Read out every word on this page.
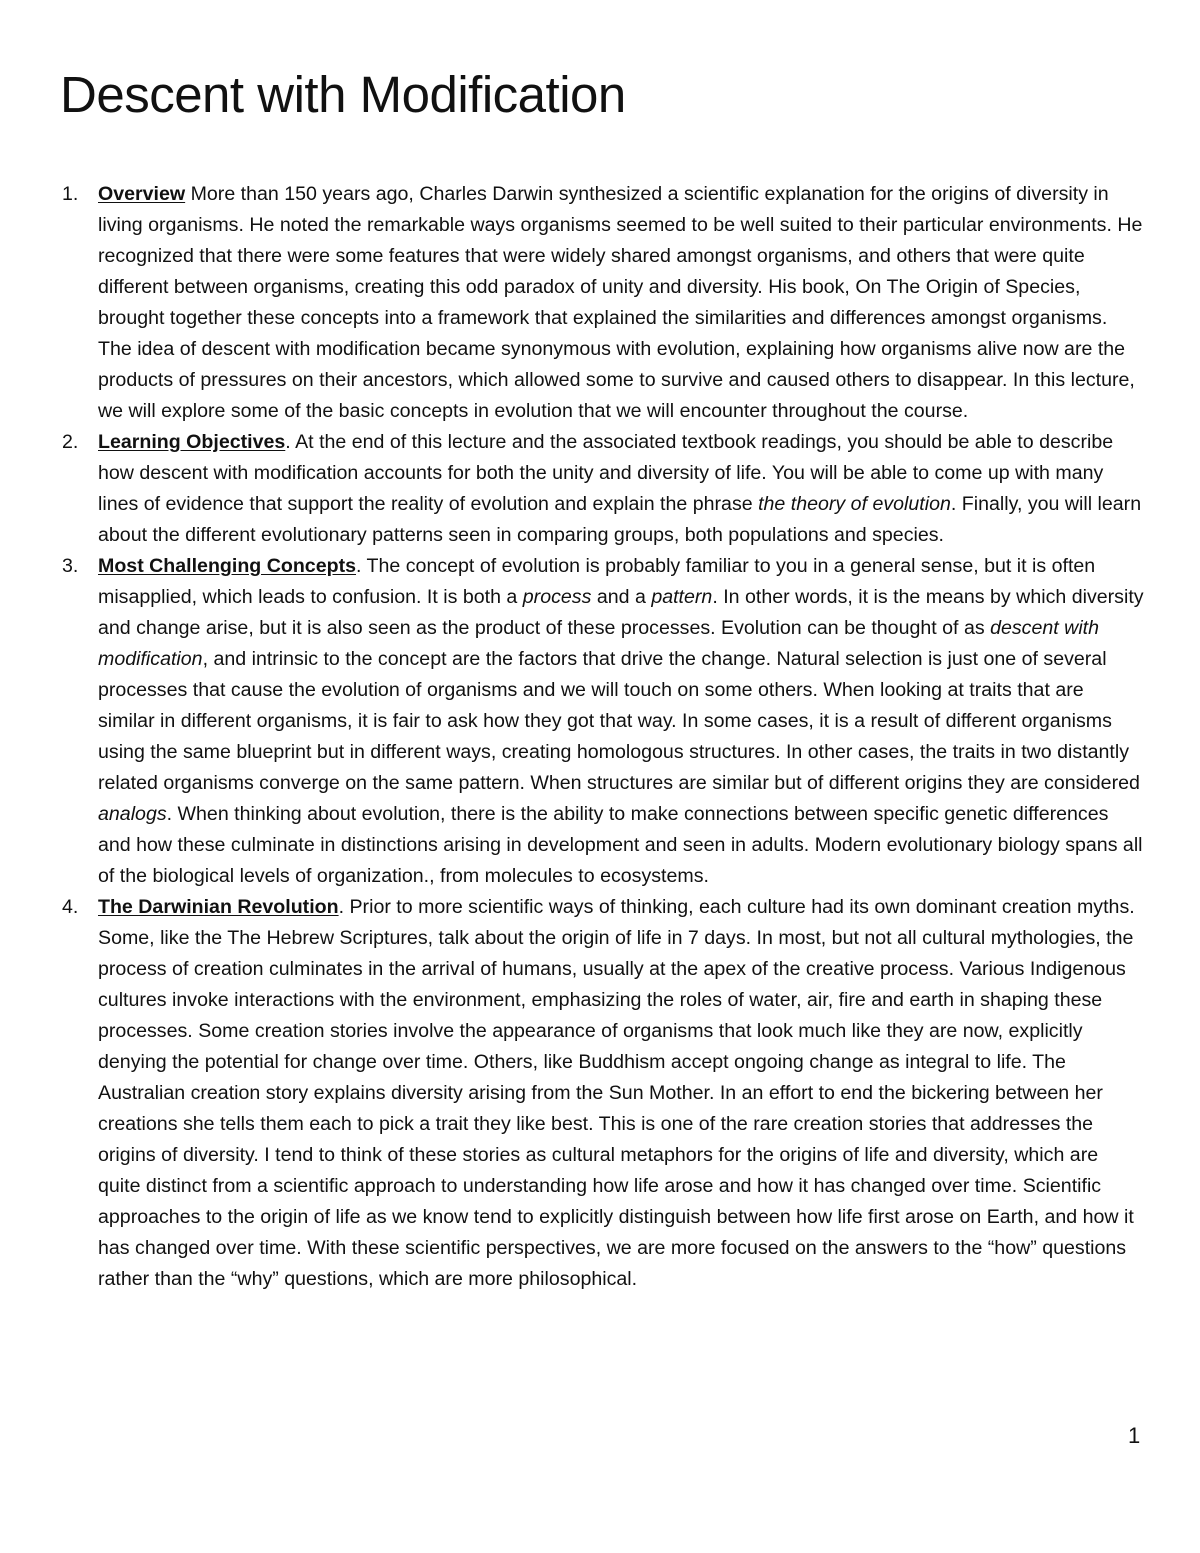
Descent with Modification
1. Overview More than 150 years ago, Charles Darwin synthesized a scientific explanation for the origins of diversity in living organisms. He noted the remarkable ways organisms seemed to be well suited to their particular environments. He recognized that there were some features that were widely shared amongst organisms, and others that were quite different between organisms, creating this odd paradox of unity and diversity. His book, On The Origin of Species, brought together these concepts into a framework that explained the similarities and differences amongst organisms. The idea of descent with modification became synonymous with evolution, explaining how organisms alive now are the products of pressures on their ancestors, which allowed some to survive and caused others to disappear. In this lecture, we will explore some of the basic concepts in evolution that we will encounter throughout the course.

2. Learning Objectives. At the end of this lecture and the associated textbook readings, you should be able to describe how descent with modification accounts for both the unity and diversity of life. You will be able to come up with many lines of evidence that support the reality of evolution and explain the phrase the theory of evolution. Finally, you will learn about the different evolutionary patterns seen in comparing groups, both populations and species.

3. Most Challenging Concepts. The concept of evolution is probably familiar to you in a general sense, but it is often misapplied, which leads to confusion. It is both a process and a pattern. In other words, it is the means by which diversity and change arise, but it is also seen as the product of these processes. Evolution can be thought of as descent with modification, and intrinsic to the concept are the factors that drive the change. Natural selection is just one of several processes that cause the evolution of organisms and we will touch on some others. When looking at traits that are similar in different organisms, it is fair to ask how they got that way. In some cases, it is a result of different organisms using the same blueprint but in different ways, creating homologous structures. In other cases, the traits in two distantly related organisms converge on the same pattern. When structures are similar but of different origins they are considered analogs. When thinking about evolution, there is the ability to make connections between specific genetic differences and how these culminate in distinctions arising in development and seen in adults. Modern evolutionary biology spans all of the biological levels of organization., from molecules to ecosystems.

4. The Darwinian Revolution. Prior to more scientific ways of thinking, each culture had its own dominant creation myths. Some, like the The Hebrew Scriptures, talk about the origin of life in 7 days. In most, but not all cultural mythologies, the process of creation culminates in the arrival of humans, usually at the apex of the creative process. Various Indigenous cultures invoke interactions with the environment, emphasizing the roles of water, air, fire and earth in shaping these processes. Some creation stories involve the appearance of organisms that look much like they are now, explicitly denying the potential for change over time. Others, like Buddhism accept ongoing change as integral to life. The Australian creation story explains diversity arising from the Sun Mother. In an effort to end the bickering between her creations she tells them each to pick a trait they like best. This is one of the rare creation stories that addresses the origins of diversity. I tend to think of these stories as cultural metaphors for the origins of life and diversity, which are quite distinct from a scientific approach to understanding how life arose and how it has changed over time. Scientific approaches to the origin of life as we know tend to explicitly distinguish between how life first arose on Earth, and how it has changed over time. With these scientific perspectives, we are more focused on the answers to the “how” questions rather than the “why” questions, which are more philosophical.

1
